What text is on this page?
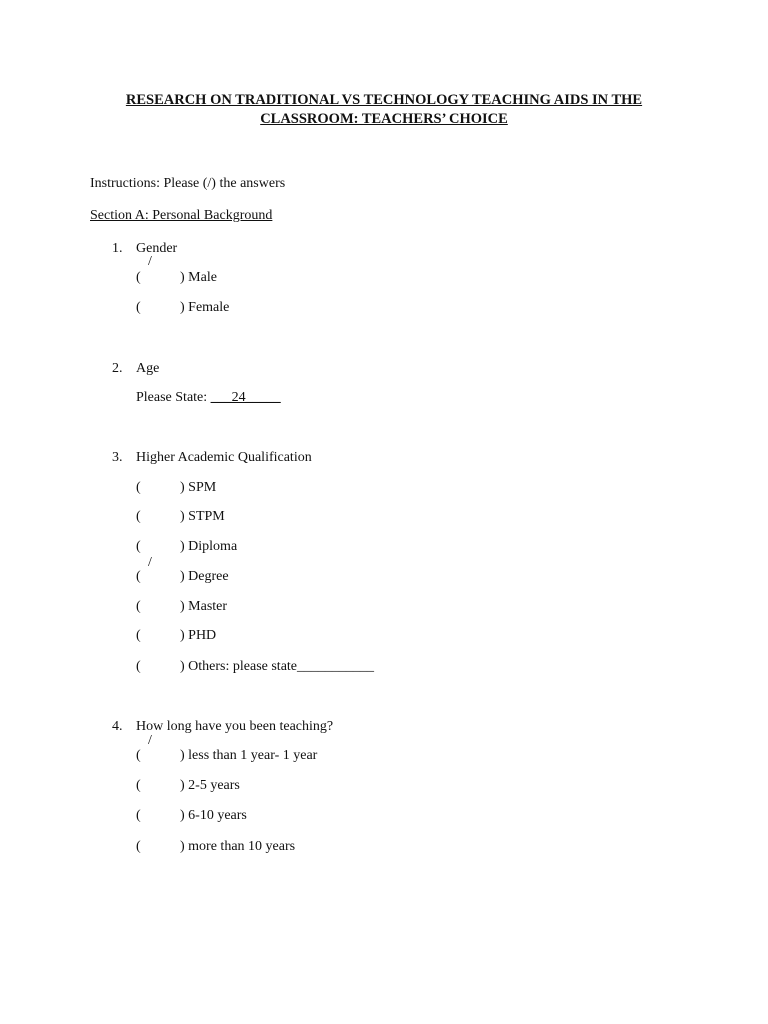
RESEARCH ON TRADITIONAL VS TECHNOLOGY TEACHING AIDS IN THE
CLASSROOM: TEACHERS’ CHOICE
Instructions: Please (/) the answers
Section A: Personal Background
1. Gender
/
(	) Male
(	) Female
2. Age
Please State: ___24_____
3. Higher Academic Qualification
(	) SPM
(	) STPM
(	) Diploma
/
(	) Degree
(	) Master
(	) PHD
(	) Others: please state___________
4. How long have you been teaching?
/
(	) less than 1 year- 1 year
(	) 2-5 years
(	) 6-10 years
(	) more than 10 years
